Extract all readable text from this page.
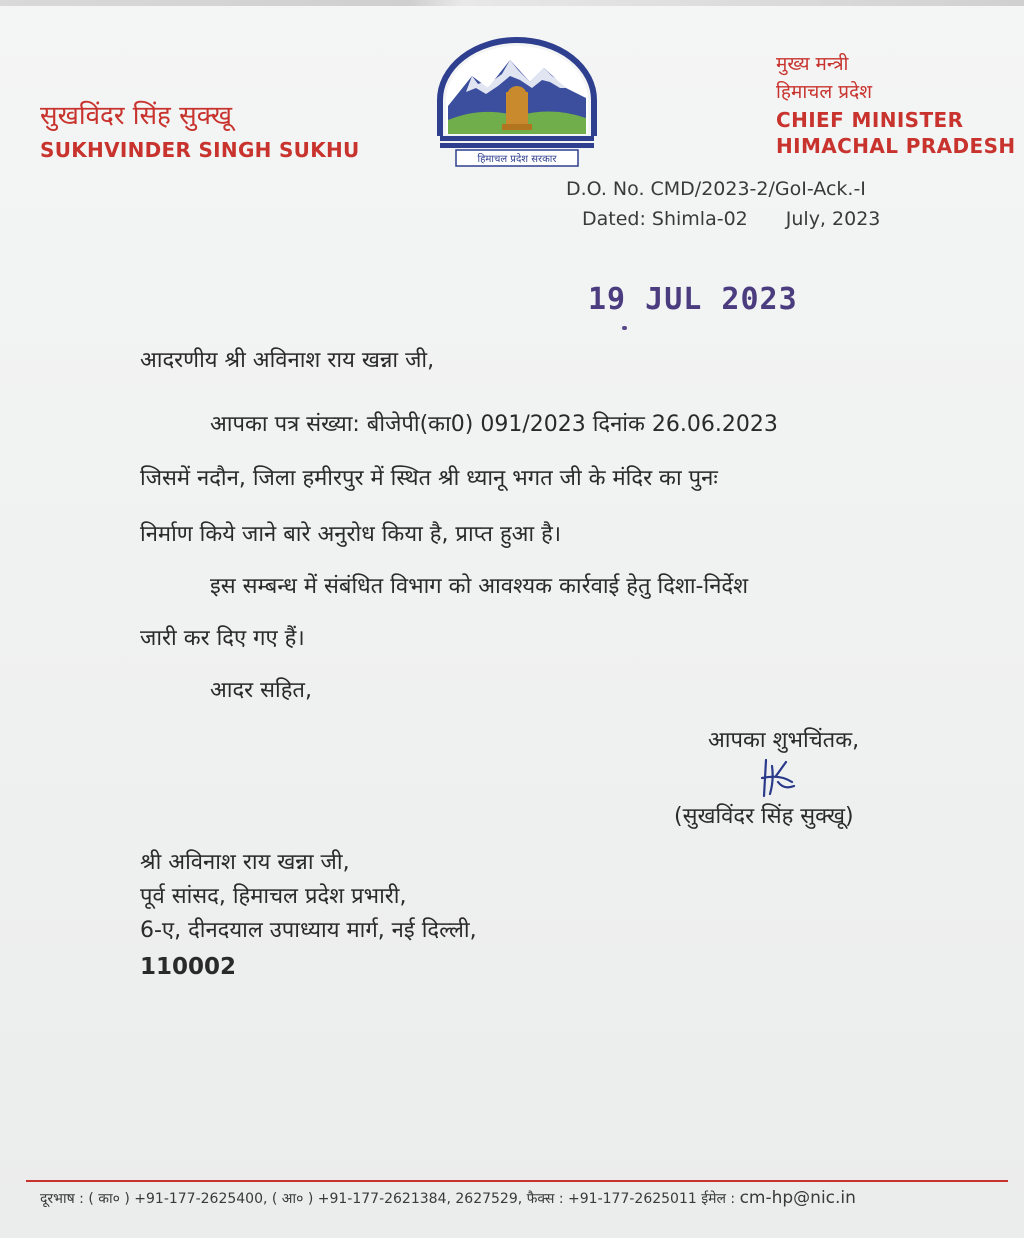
सुखविंदर सिंह सुक्खू
SUKHVINDER SINGH SUKHU	हिमाचल प्रदेश सरकार
मुख्य मन्त्री
हिमाचल प्रदेश
CHIEF MINISTER
HIMACHAL PRADESH
D.O. No. CMD/2023-2/GoI-Ack.-I
Dated: Shimla-02 July, 2023
19 JUL 2023
आदरणीय श्री अविनाश राय खन्ना जी,
आपका पत्र संख्या: बीजेपी(का0) 091/2023 दिनांक 26.06.2023
जिसमें नदौन, जिला हमीरपुर में स्थित श्री ध्यानू भगत जी के मंदिर का पुनः
निर्माण किये जाने बारे अनुरोध किया है, प्राप्त हुआ है।
इस सम्बन्ध में संबंधित विभाग को आवश्यक कार्रवाई हेतु दिशा-निर्देश
जारी कर दिए गए हैं।
आदर सहित,
आपका शुभचिंतक,
(सुखविंदर सिंह सुक्खू)
श्री अविनाश राय खन्ना जी,
पूर्व सांसद, हिमाचल प्रदेश प्रभारी,
6-ए, दीनदयाल उपाध्याय मार्ग, नई दिल्ली,
110002
दूरभाष : ( का० ) +91-177-2625400, ( आ० ) +91-177-2621384, 2627529, फैक्स : +91-177-2625011 ईमेल : cm-hp@nic.in
